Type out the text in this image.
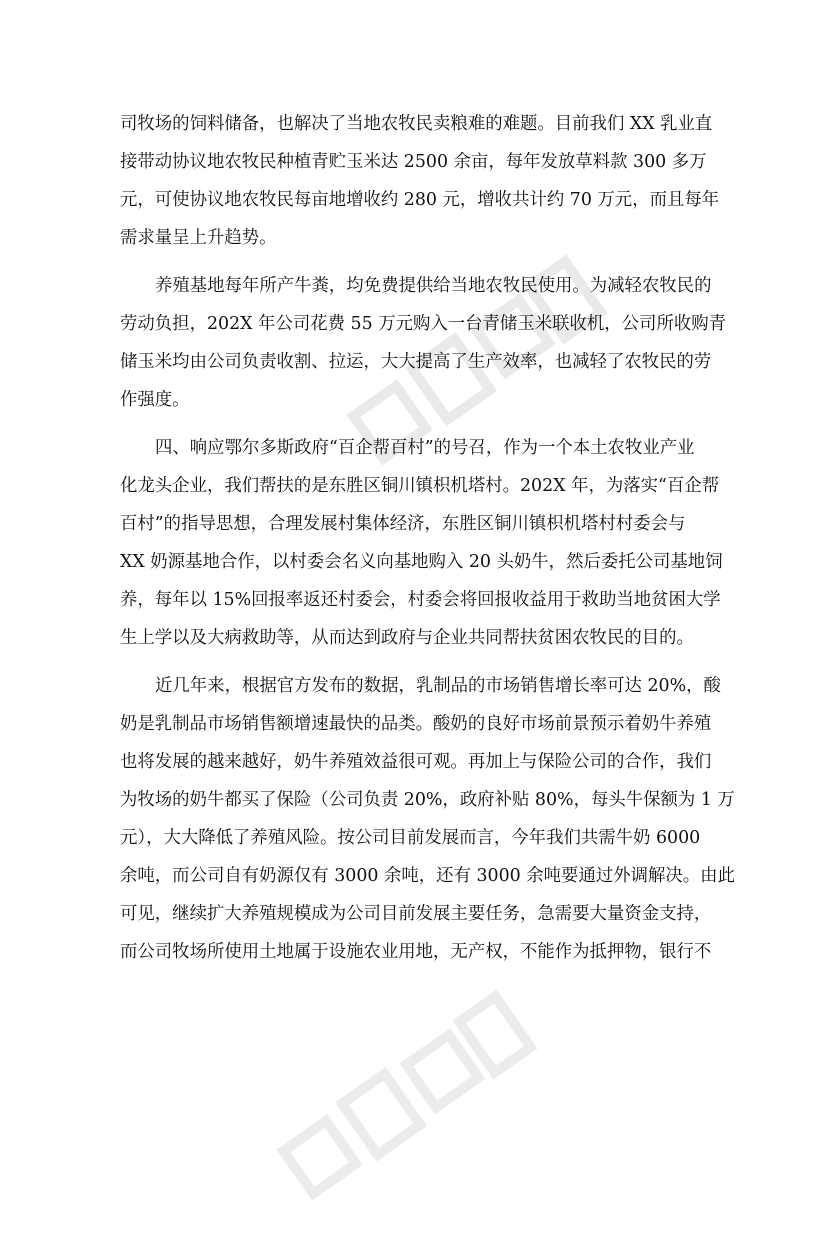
司牧场的饲料储备，也解决了当地农牧民卖粮难的难题。目前我们 XX 乳业直
接带动协议地农牧民种植青贮玉米达 2500 余亩，每年发放草料款 300 多万
元，可使协议地农牧民每亩地增收约 280 元，增收共计约 70 万元，而且每年
需求量呈上升趋势。
养殖基地每年所产牛粪，均免费提供给当地农牧民使用。为减轻农牧民的
劳动负担，202X 年公司花费 55 万元购入一台青储玉米联收机，公司所收购青
储玉米均由公司负责收割、拉运，大大提高了生产效率，也减轻了农牧民的劳
作强度。
四、响应鄂尔多斯政府“百企帮百村”的号召，作为一个本土农牧业产业
化龙头企业，我们帮扶的是东胜区铜川镇枳机塔村。202X 年，为落实“百企帮
百村”的指导思想，合理发展村集体经济，东胜区铜川镇枳机塔村村委会与
XX 奶源基地合作，以村委会名义向基地购入 20 头奶牛，然后委托公司基地饲
养，每年以 15%回报率返还村委会，村委会将回报收益用于救助当地贫困大学
生上学以及大病救助等，从而达到政府与企业共同帮扶贫困农牧民的目的。
近几年来，根据官方发布的数据，乳制品的市场销售增长率可达 20%，酸
奶是乳制品市场销售额增速最快的品类。酸奶的良好市场前景预示着奶牛养殖
也将发展的越来越好，奶牛养殖效益很可观。再加上与保险公司的合作，我们
为牧场的奶牛都买了保险（公司负责 20%，政府补贴 80%，每头牛保额为 1 万
元），大大降低了养殖风险。按公司目前发展而言，今年我们共需牛奶 6000
余吨，而公司自有奶源仅有 3000 余吨，还有 3000 余吨要通过外调解决。由此
可见，继续扩大养殖规模成为公司目前发展主要任务，急需要大量资金支持，
而公司牧场所使用土地属于设施农业用地，无产权，不能作为抵押物，银行不
